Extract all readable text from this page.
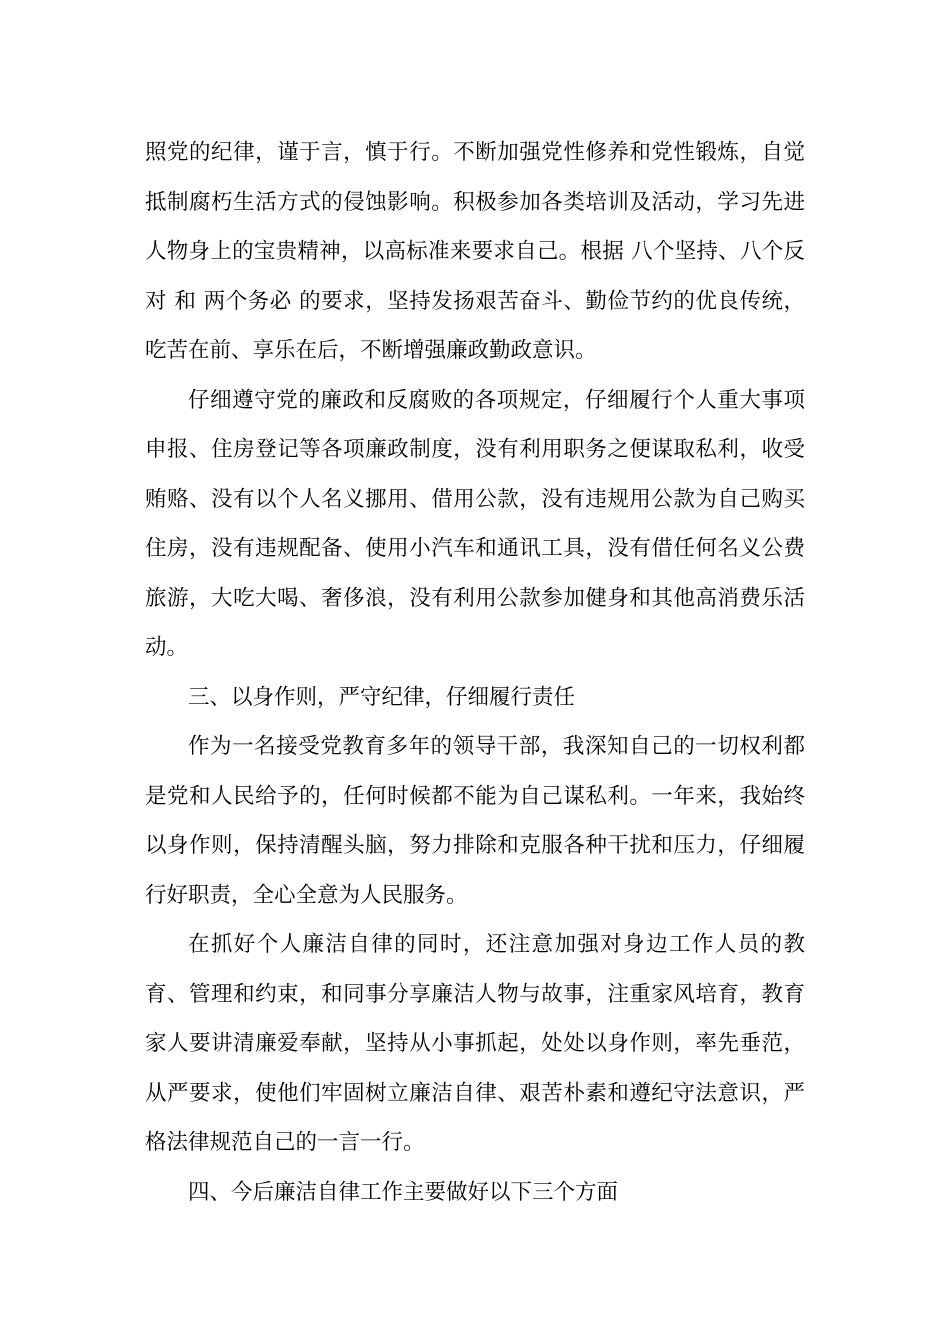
照党的纪律，谨于言，慎于行。不断加强党性修养和党性锻炼，自觉抵制腐朽生活方式的侵蚀影响。积极参加各类培训及活动，学习先进人物身上的宝贵精神，以高标准来要求自己。根据 八个坚持、八个反对 和 两个务必 的要求，坚持发扬艰苦奋斗、勤俭节约的优良传统，吃苦在前、享乐在后，不断增强廉政勤政意识。

仔细遵守党的廉政和反腐败的各项规定，仔细履行个人重大事项申报、住房登记等各项廉政制度，没有利用职务之便谋取私利，收受贿赂、没有以个人名义挪用、借用公款，没有违规用公款为自己购买住房，没有违规配备、使用小汽车和通讯工具，没有借任何名义公费旅游，大吃大喝、奢侈浪，没有利用公款参加健身和其他高消费乐活动。

三、以身作则，严守纪律，仔细履行责任

作为一名接受党教育多年的领导干部，我深知自己的一切权利都是党和人民给予的，任何时候都不能为自己谋私利。一年来，我始终以身作则，保持清醒头脑，努力排除和克服各种干扰和压力，仔细履行好职责，全心全意为人民服务。

在抓好个人廉洁自律的同时，还注意加强对身边工作人员的教育、管理和约束，和同事分享廉洁人物与故事，注重家风培育，教育家人要讲清廉爱奉献，坚持从小事抓起，处处以身作则，率先垂范，从严要求，使他们牢固树立廉洁自律、艰苦朴素和遵纪守法意识，严格法律规范自己的一言一行。

四、今后廉洁自律工作主要做好以下三个方面
